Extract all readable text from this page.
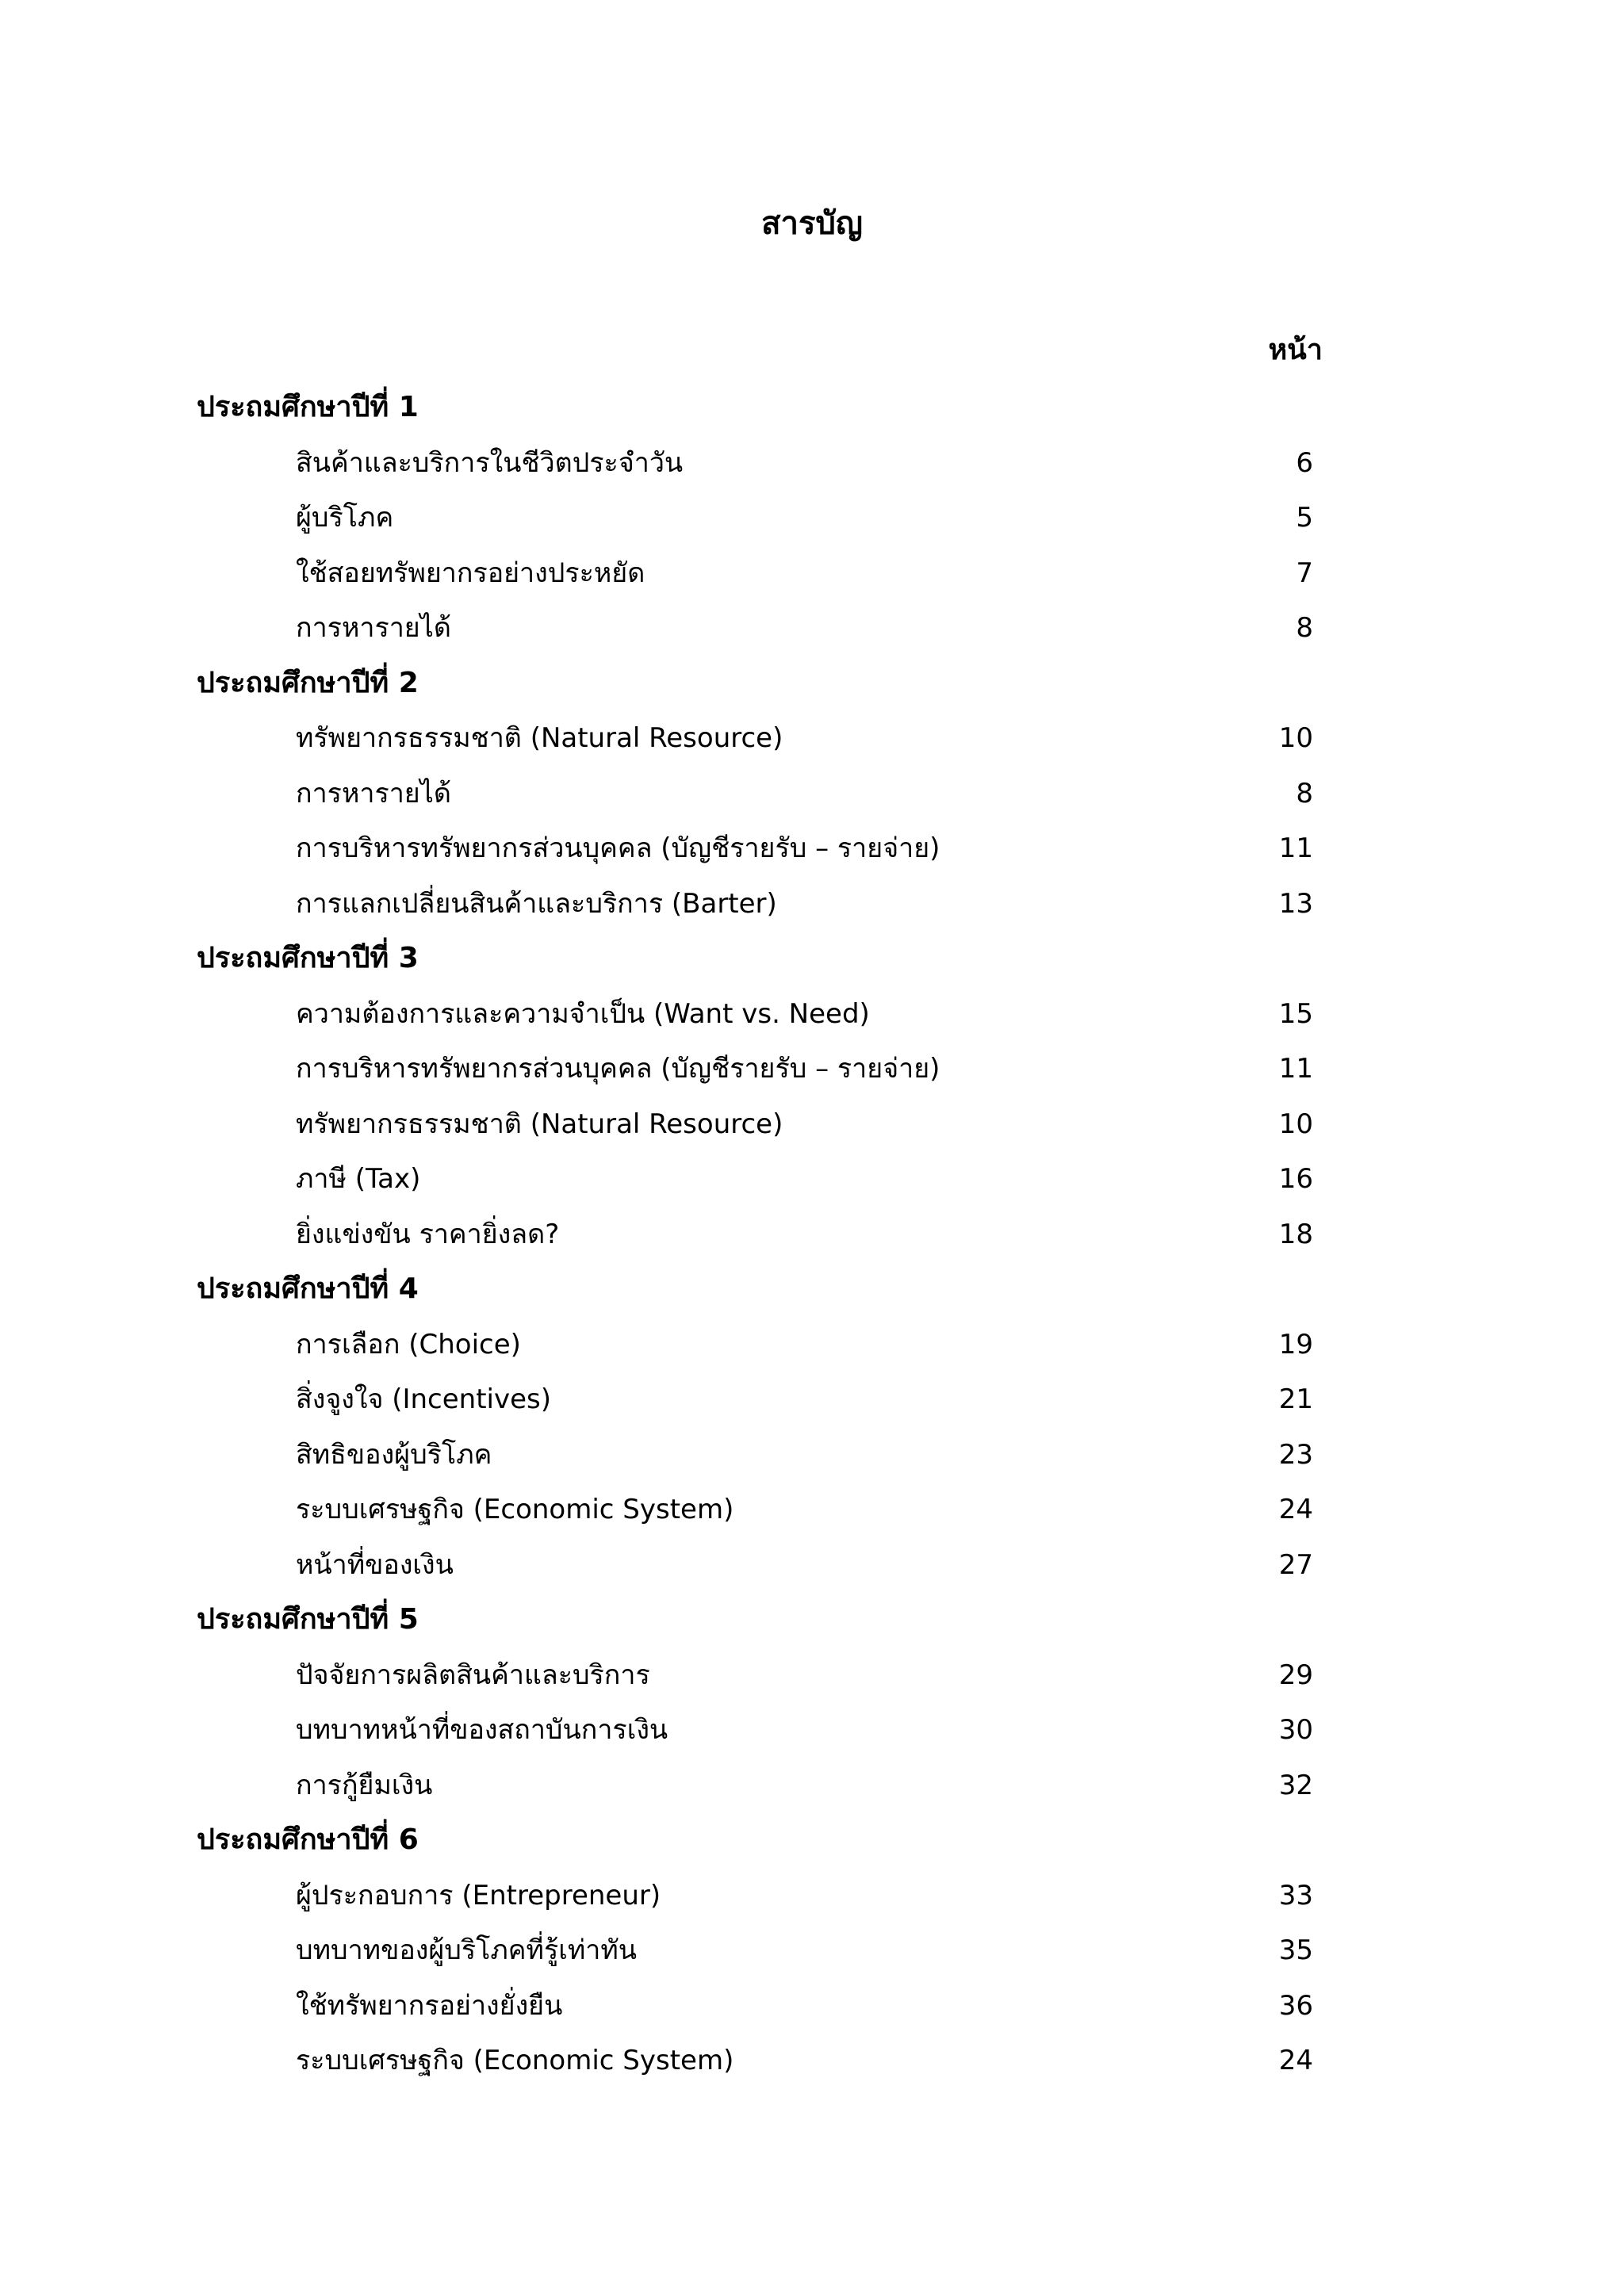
สารบัญ
หน้า
ประถมศึกษาปีที่ 1
สินค้าและบริการในชีวิตประจำวัน	6
ผู้บริโภค	5
ใช้สอยทรัพยากรอย่างประหยัด	7
การหารายได้	8
ประถมศึกษาปีที่ 2
ทรัพยากรธรรมชาติ (Natural Resource)	10
การหารายได้	8
การบริหารทรัพยากรส่วนบุคคล (บัญชีรายรับ – รายจ่าย)	11
การแลกเปลี่ยนสินค้าและบริการ (Barter)	13
ประถมศึกษาปีที่ 3
ความต้องการและความจำเป็น (Want vs. Need)	15
การบริหารทรัพยากรส่วนบุคคล (บัญชีรายรับ – รายจ่าย)	11
ทรัพยากรธรรมชาติ (Natural Resource)	10
ภาษี (Tax)	16
ยิ่งแข่งขัน ราคายิ่งลด?	18
ประถมศึกษาปีที่ 4
การเลือก (Choice)	19
สิ่งจูงใจ (Incentives)	21
สิทธิของผู้บริโภค	23
ระบบเศรษฐกิจ (Economic System)	24
หน้าที่ของเงิน	27
ประถมศึกษาปีที่ 5
ปัจจัยการผลิตสินค้าและบริการ	29
บทบาทหน้าที่ของสถาบันการเงิน	30
การกู้ยืมเงิน	32
ประถมศึกษาปีที่ 6
ผู้ประกอบการ (Entrepreneur)	33
บทบาทของผู้บริโภคที่รู้เท่าทัน	35
ใช้ทรัพยากรอย่างยั่งยืน	36
ระบบเศรษฐกิจ (Economic System)	24
